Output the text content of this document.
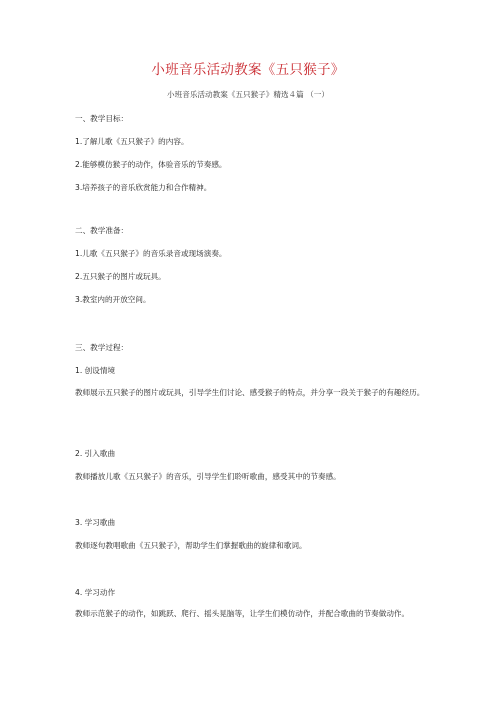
小班音乐活动教案《五只猴子》
小班音乐活动教案《五只猴子》精选４篇 （一）
一、教学目标：
1.了解儿歌《五只猴子》的内容。
2.能够模仿猴子的动作，体验音乐的节奏感。
3.培养孩子的音乐欣赏能力和合作精神。
二、教学准备：
1.儿歌《五只猴子》的音乐录音或现场演奏。
2.五只猴子的图片或玩具。
3.教室内的开放空间。
三、教学过程：
1. 创设情境
教师展示五只猴子的图片或玩具，引导学生们讨论、感受猴子的特点，并分享一段关于猴子的有趣经历。
2. 引入歌曲
教师播放儿歌《五只猴子》的音乐，引导学生们聆听歌曲，感受其中的节奏感。
3. 学习歌曲
教师逐句教唱歌曲《五只猴子》，帮助学生们掌握歌曲的旋律和歌词。
4. 学习动作
教师示范猴子的动作，如跳跃、爬行、摇头晃脑等，让学生们模仿动作，并配合歌曲的节奏做动作。
